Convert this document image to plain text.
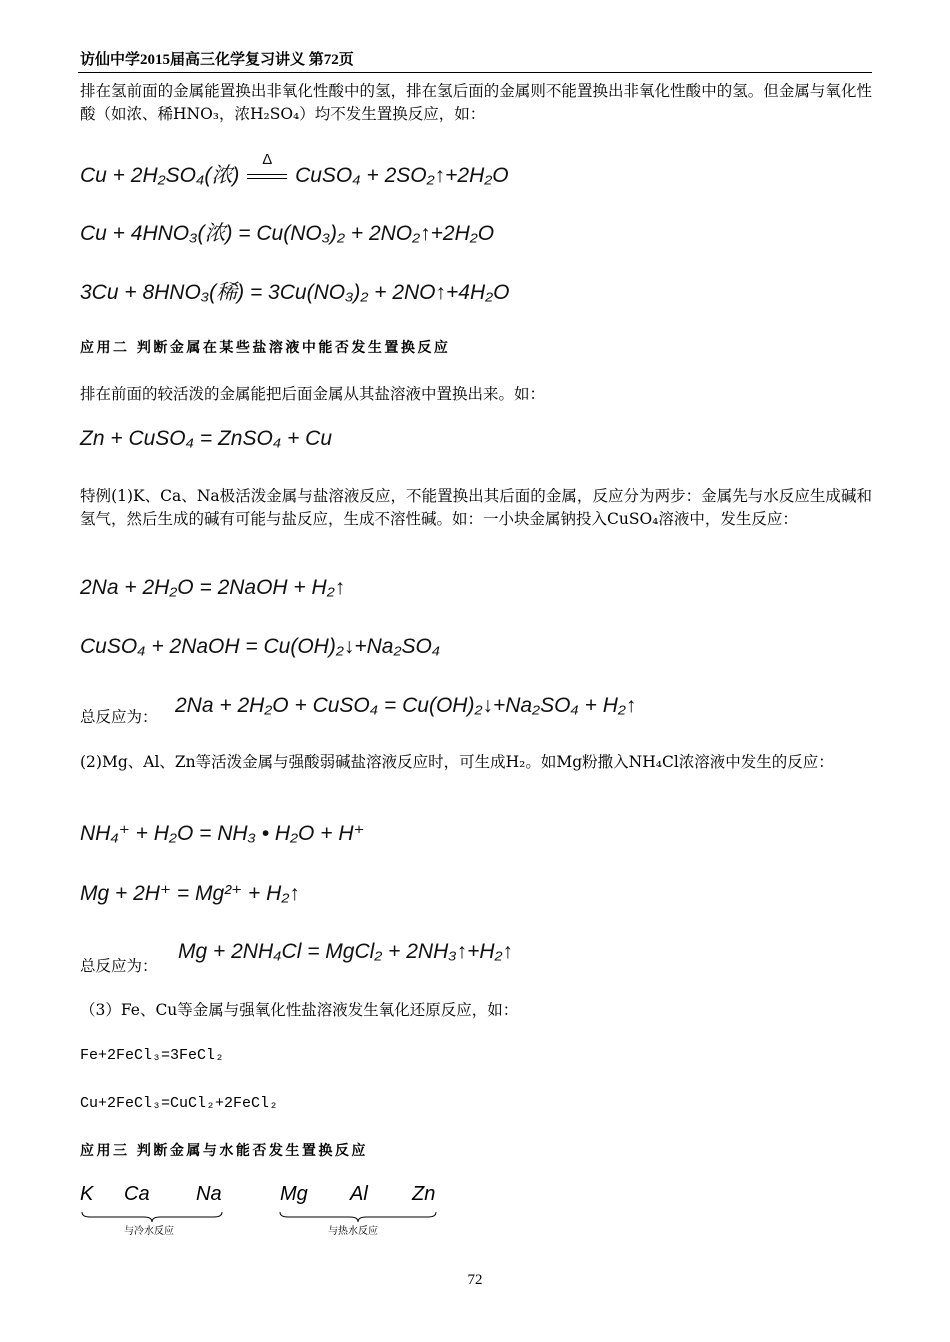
访仙中学2015届高三化学复习讲义 第72页
排在氢前面的金属能置换出非氧化性酸中的氢，排在氢后面的金属则不能置换出非氧化性酸中的氢。但金属与氧化性酸（如浓、稀HNO₃，浓H₂SO₄）均不发生置换反应，如：
Cu + 2H₂SO₄(浓)
Δ
CuSO₄ + 2SO₂↑+2H₂O
Cu + 4HNO₃(浓) = Cu(NO₃)₂ + 2NO₂↑+2H₂O
3Cu + 8HNO₃(稀) = 3Cu(NO₃)₂ + 2NO↑+4H₂O
应用二 判断金属在某些盐溶液中能否发生置换反应
排在前面的较活泼的金属能把后面金属从其盐溶液中置换出来。如：
Zn + CuSO₄ = ZnSO₄ + Cu
特例(1)K、Ca、Na极活泼金属与盐溶液反应，不能置换出其后面的金属，反应分为两步：金属先与水反应生成碱和氢气，然后生成的碱有可能与盐反应，生成不溶性碱。如：一小块金属钠投入CuSO₄溶液中，发生反应：
2Na + 2H₂O = 2NaOH + H₂↑
CuSO₄ + 2NaOH = Cu(OH)₂↓+Na₂SO₄
总反应为： 2Na + 2H₂O + CuSO₄ = Cu(OH)₂↓+Na₂SO₄ + H₂↑
(2)Mg、Al、Zn等活泼金属与强酸弱碱盐溶液反应时，可生成H₂。如Mg粉撒入NH₄Cl浓溶液中发生的反应：
NH₄⁺ + H₂O = NH₃ • H₂O + H⁺
Mg + 2H⁺ = Mg²⁺ + H₂↑
总反应为：
Mg + 2NH₄Cl = MgCl₂ + 2NH₃↑+H₂↑
（3）Fe、Cu等金属与强氧化性盐溶液发生氧化还原反应，如：
Fe+2FeCl₃=3FeCl₂
Cu+2FeCl₃=CuCl₂+2FeCl₂
应用三 判断金属与水能否发生置换反应
K Ca Na
与冷水反应
Mg Al Zn
与热水反应
72
